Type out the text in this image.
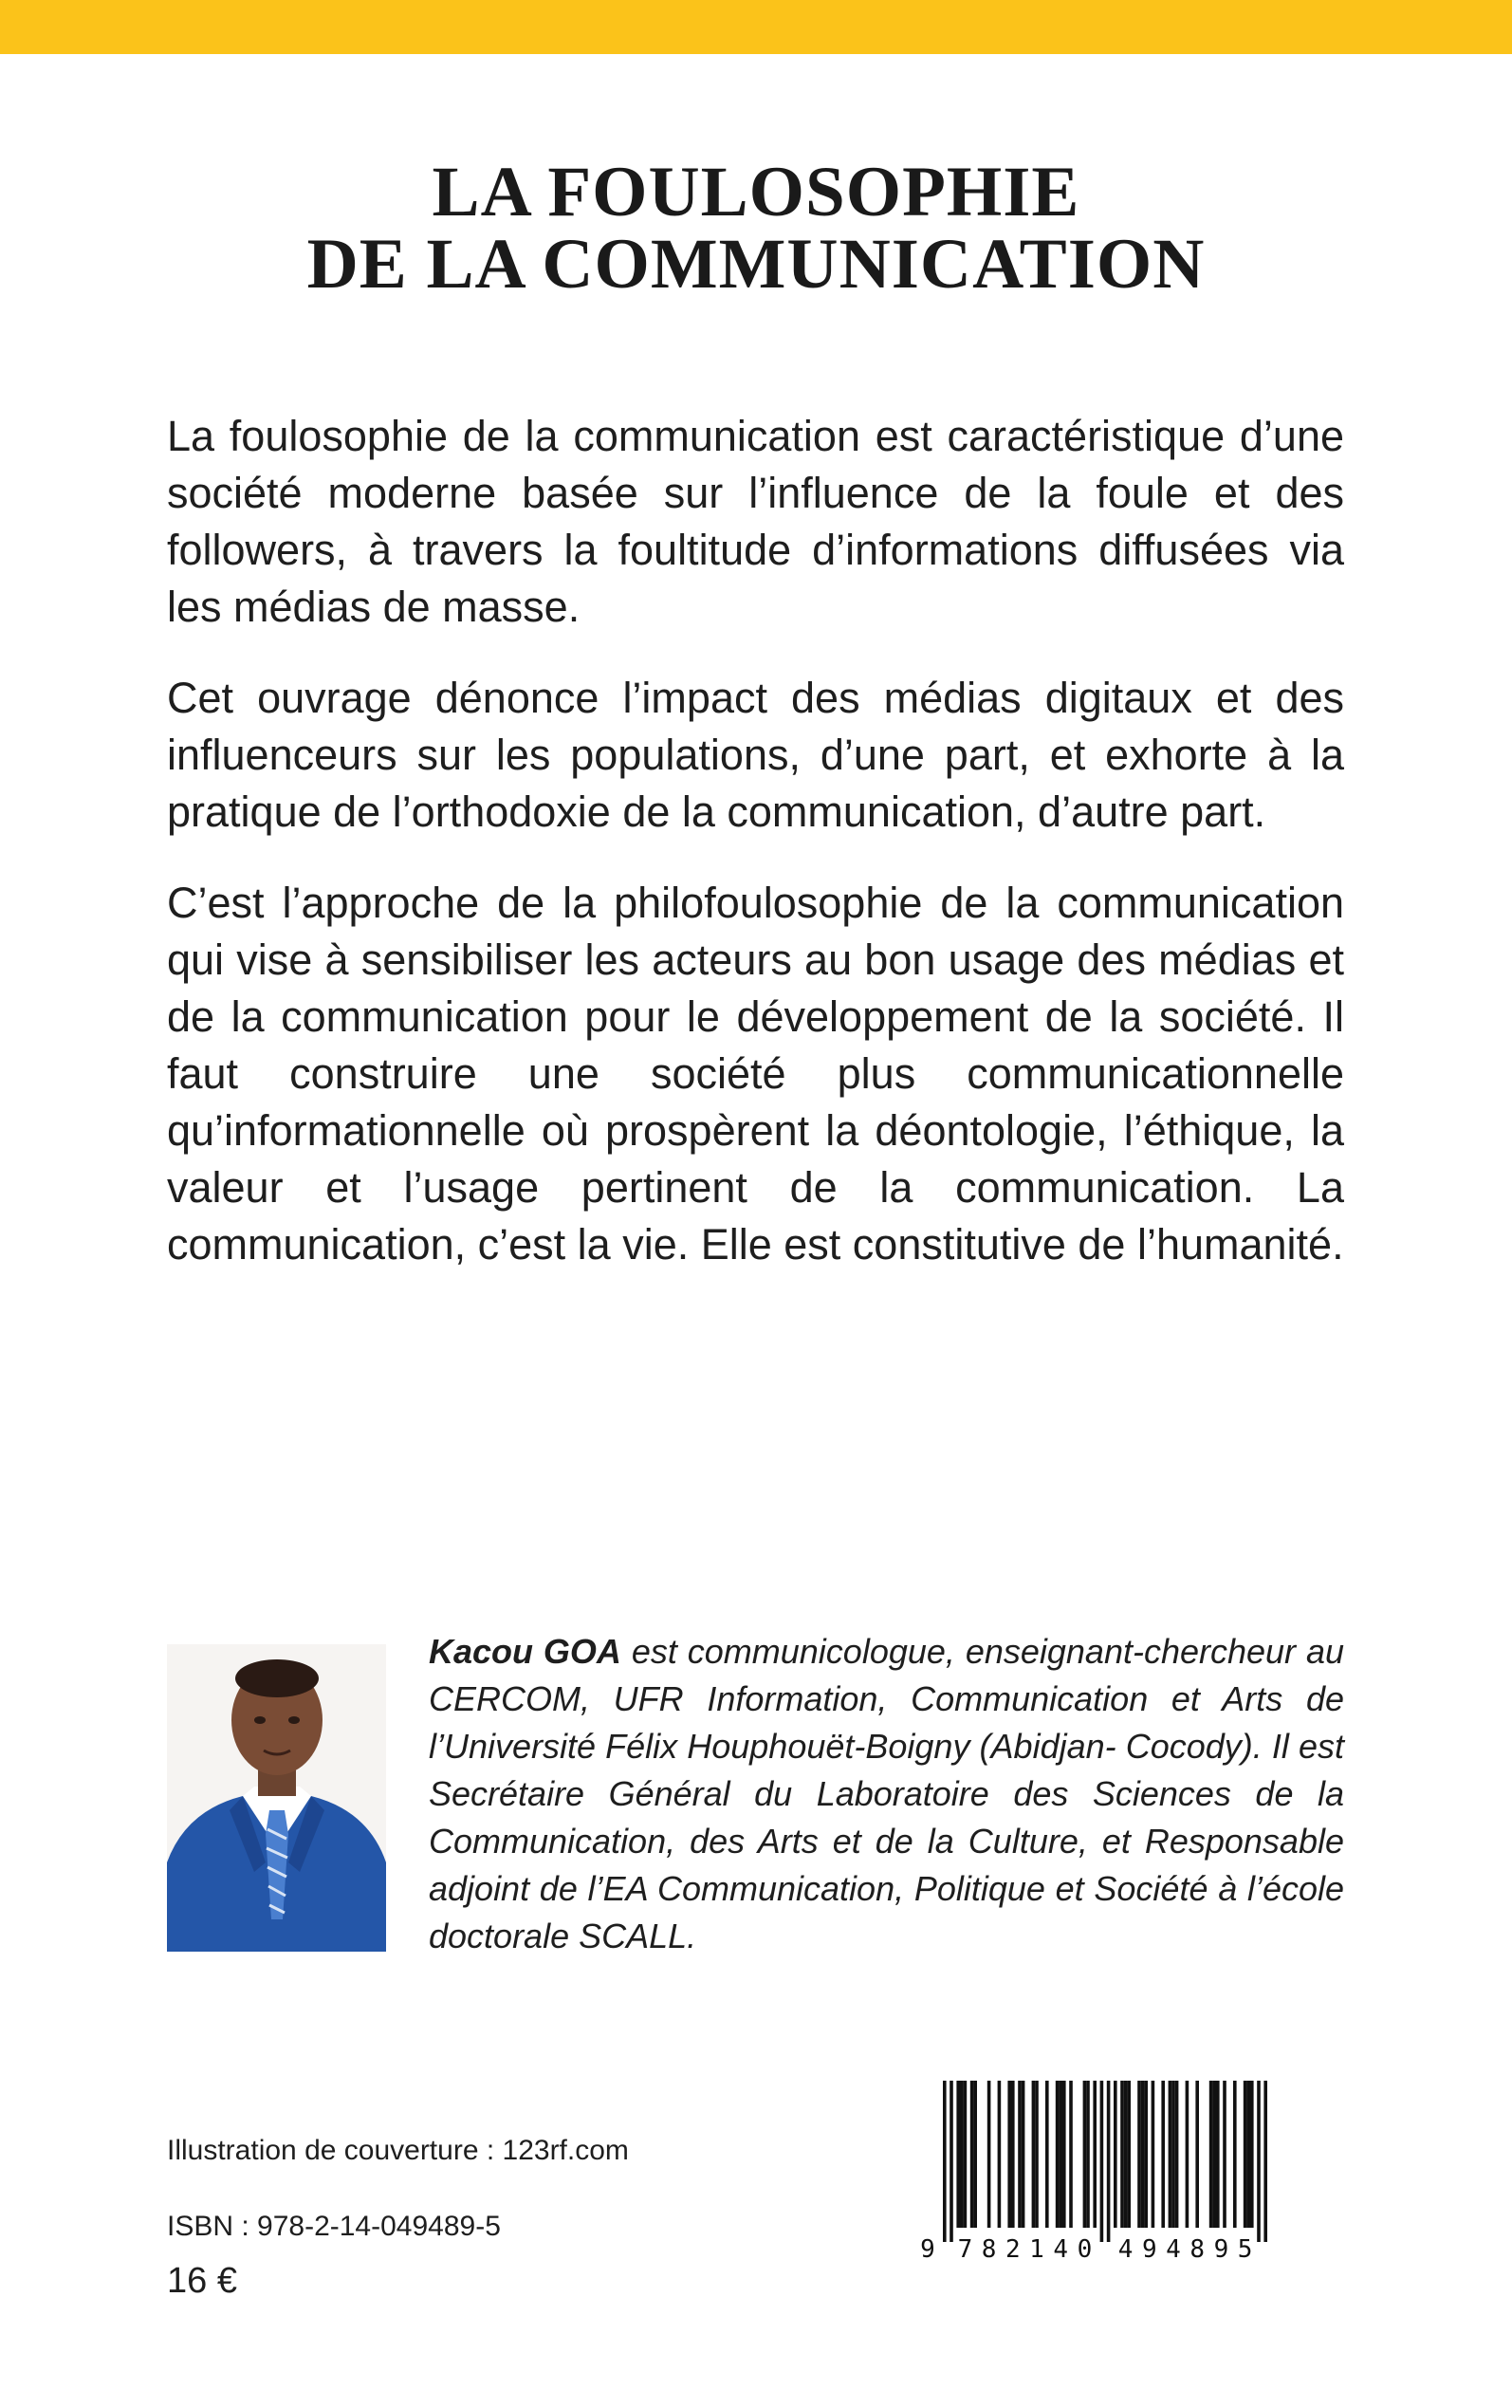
LA FOULOSOPHIE
DE LA COMMUNICATION

La foulosophie de la communication est caractéristique d’une société moderne basée sur l’influence de la foule et des followers, à travers la foultitude d’informations diffusées via les médias de masse.

Cet ouvrage dénonce l’impact des médias digitaux et des influenceurs sur les populations, d’une part, et exhorte à la pratique de l’orthodoxie de la communication, d’autre part.

C’est l’approche de la philofoulosophie de la communication qui vise à sensibiliser les acteurs au bon usage des médias et de la communication pour le développement de la société. Il faut construire une société plus communicationnelle qu’informationnelle où prospèrent la déontologie, l’éthique, la valeur et l’usage pertinent de la communication. La communication, c’est la vie. Elle est constitutive de l’humanité.

Kacou GOA est communicologue, enseignant-chercheur au CERCOM, UFR Information, Communication et Arts de l’Université Félix Houphouët-Boigny (Abidjan- Cocody). Il est Secrétaire Général du Laboratoire des Sciences de la Communication, des Arts et de la Culture, et Responsable adjoint de l’EA Communication, Politique et Société à l’école doctorale SCALL.

Illustration de couverture : 123rf.com
ISBN : 978-2-14-049489-5
16 €
9 7 8 2 1 4 0 4 9 4 8 9 5
